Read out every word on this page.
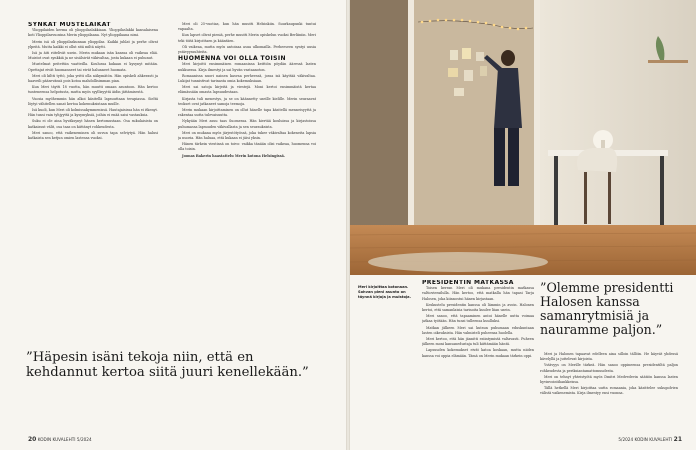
SYNKÄT MUSTELÄIKÄT

Ylioppilaiden kerma oli ylioppilaslakkiaan. Ylioppilaslakki kansalaisena koti Ylioppilasvuosina Merin ylioppilaana. Nyt ylioppilaana nimi.

Merin isä oli ylioppilaskunnan ylioppilas. Kaikki juhlat ja perhe olivat ylpeitä. Mutta kaikki ei ollut sitä miltä näytti.

Isä ja äiti riitelivät usein. Merin mukaan isän kanssa oli vaikeaa elää. Muistot ovat synkkiä ja ne sisälsivät väkivaltaa, josta kukaan ei puhunut.

Mustelmat peitettiin vaatteilla. Koulussa kukaan ei kysynyt mitään. Opettajat eivät huomanneet tai eivät halunneet huomata.

Meri oli kiltti tyttö, joka yritti olla näkymätön. Hän opiskeli ahkerasti ja haaveili pääsevänsä pois kotoa mahdollisimman pian.

Kun Meri täytti 18 vuotta, hän muutti omaan asuntoon. Hän kertoo tunteneensa helpotusta, mutta myös syyllisyyttä äidin jättämisestä.

Vuosia myöhemmin hän alkoi käsitellä lapsuuttaan terapiassa. Sieltä löytyi vähitellen sanat kertoa kokemuksistaan muille.

Isä kuoli, kun Meri oli kolmissakymmenissä. Hautajaisissa hän ei itkenyt. Hän tunsi vain tyhjyyttä ja kysymyksiä, joihin ei enää saisi vastauksia.

Suku ei ole aina hyväksynyt hänen kertomustaan. Osa sukulaisista on katkaissut välit, osa taas on kiittänyt rohkeudesta.

Meri sanoo, että vaikeneminen oli suvun tapa selviytyä. Hän halusi katkaista sen ketjun omien lastensa vuoksi.

Meri oli 25-vuotias, kun hän muutti Helsinkiin. Suurkaupunki tuntui vapaalta.

Kun lapset olivat pieniä, perhe muutti Merin opiskelun vuoksi Berliiniin. Meri teki töitä kirjoittaen ja kääntäen.

Oli vaikeaa, mutta myös antoisaa asua ulkomailla. Perheeseen syntyi uusia ystävyyssuhteita.

HUOMENNA VOI OLLA TOISIN

Meri kirjoitti ensimmäisen romaaninsa keittiön pöydän ääressä lasten nukkuessa. Kirja ilmestyi ja sai hyvän vastaanoton.

Romaanissa nuori nainen kasvaa perheessä, jossa isä käyttää väkivaltaa. Lukijat tunnistivat tarinasta omia kokemuksiaan.

Meri sai satoja kirjeitä ja viestejä. Moni kertoi ensimmäistä kertaa elämässään omasta lapsuudestaan.

Kirjasta tuli menestys, ja se on käännetty useille kielille. Merin seuraavat teokset ovat jatkaneet samoja teemoja.

Merin mukaan kirjoittaminen on ollut hänelle tapa käsitellä menneisyyttä ja rakentaa uutta tulevaisuutta.

Nykyään Meri asuu taas Suomessa. Hän kiertää kouluissa ja kirjastoissa puhumassa lapsuuden väkivallasta ja sen seurauksista.

Meri on mukana myös järjestötyössä, joka tukee väkivaltaa kokeneita lapsia ja nuoria. Hän haluaa, että kukaan ei jäisi yksin.

Hänen tärkein viestinsä on toivo: vaikka tänään olisi vaikeaa, huomenna voi olla toisin.

Joonas Bakerin haastattelu Merin kotona Helsingissä.

”Häpesin isäni tekoja niin, että en kehdannut kertoa siitä juuri kenellekään.”
20 KODIN KUVALEHTI 5/2024
Meri kirjoittaa kotonaan. Sohvan pieni asunto on täynnä kirjoja ja muistoja.

PRESIDENTIN MATKASSA

Toisen kerran Meri oli mukana presidentin matkassa valtiovierailulla. Hän kertoo, että matkalla hän tapasi Tarja Halosen, joka kiinnostui hänen kirjastaan.

Keskustelu presidentin kanssa oli lämmin ja avoin. Halonen kertoi, että samanlaisia tarinoita kuulee liian usein.

Meri sanoo, että tapaaminen antoi hänelle uutta voimaa jatkaa työtään. Hän tunsi tulleensa kuulluksi.

Matkan jälkeen Meri sai kutsun puhumaan eduskuntaan lasten oikeuksista. Hän valmisteli puheensa huolella.

Meri kertoo, että hän jännitti esiintymistä valtavasti. Puheen jälkeen moni kansanedustaja tuli kiittämään häntä.

Lapsuuden kokemukset eivät katoa koskaan, mutta niiden kanssa voi oppia elämään. Tämä on Merin mukaan tärkein oppi.

”Olemme presidentti Halosen kanssa samanrytmisiä ja nauramme paljon.”

Meri ja Halonen tapaavat edelleen aina silloin tällöin. He käyvät yhdessä kävelyllä ja juttelevat kirjoista.

Ystävyys on Merille tärkeä. Hän sanoo oppineensa presidentiltä paljon rohkeudesta ja periksiantamattomuudesta.

Meri on tehnyt yhteistyötä myös Dmitri Medvedevin säätiön kanssa lasten hyvinvointihankkeissa.

Tällä hetkellä Meri kirjoittaa uutta romaania, joka käsittelee sukupolvien välistä vaikenemista. Kirja ilmestyy ensi vuonna.

5/2024 KODIN KUVALEHTI 21
